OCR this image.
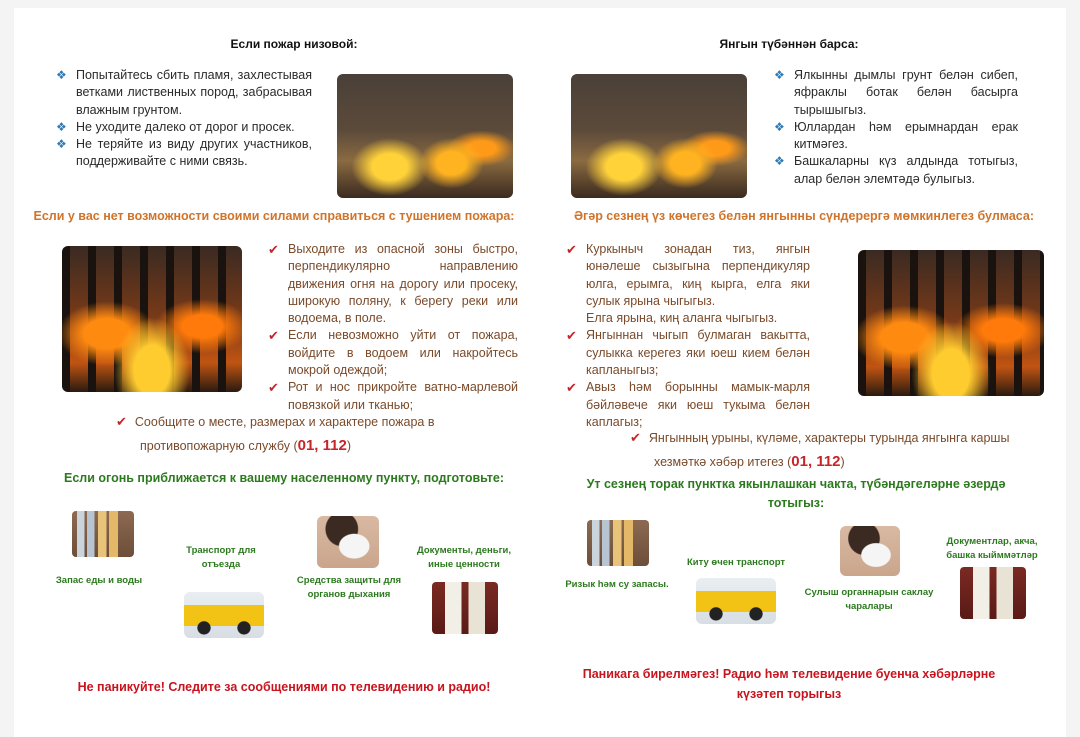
Если пожар низовой:
❖ Попытайтесь сбить пламя, захлестывая ветками лиственных пород, забрасывая влажным грунтом.
❖ Не уходите далеко от дорог и просек.
❖ Не теряйте из виду других участников, поддерживайте с ними связь.
Если у вас нет возможности своими силами справиться с тушением пожара:
✔ Выходите из опасной зоны быстро, перпендикулярно направлению движения огня на дорогу или просеку, широкую поляну, к берегу реки или водоема, в поле.
✔ Если невозможно уйти от пожара, войдите в водоем или накройтесь мокрой одеждой;
✔ Рот и нос прикройте ватно-марлевой повязкой или тканью;
✔ Сообщите о месте, размерах и характере пожара в
противопожарную службу (01, 112)
Если огонь приближается к вашему населенному пункту, подготовьте:
Запас еды и воды
Транспорт для отъезда
Средства защиты для органов дыхания
Документы, деньги, иные ценности
Не паникуйте! Следите за сообщениями по телевидению и радио!
Янгын түбәннән барса:
❖ Ялкынны дымлы грунт белән сибеп, яфраклы ботак белән басырга тырышыгыз.
❖ Юллардан һәм ерымнардан ерак китмәгез.
❖ Башкаларны күз алдында тотыгыз, алар белән элемтәдә булыгыз.
Әгәр сезнең үз көчегез белән янгынны сүндерергә мөмкинлегез булмаса:
✔ Куркыныч зонадан тиз, янгын юнәлеше сызыгына перпендикуляр юлга, ерымга, киң кырга, елга яки сулык ярына чыгыгыз.
Елга ярына, киң аланга чыгыгыз.
✔ Янгыннан чыгып булмаган вакытта, сулыкка керегез яки юеш кием белән капланыгыз;
✔ Авыз һәм борынны мамык-марля бәйләвече яки юеш тукыма белән каплагыз;
✔ Янгынның урыны, күләме, характеры турында янгынга каршы
хезмәткә хәбәр итегез (01, 112)
Ут сезнең торак пунктка якынлашкан чакта, түбәндәгеләрне әзердә тотыгыз:
Ризык һәм су запасы.
Киту өчен транспорт
Сулыш органнарын саклау чаралары
Документлар, акча, башка кыйммәтләр
Паникага бирелмәгез! Радио һәм телевидение буенча хәбәрләрне күзәтеп торыгыз
